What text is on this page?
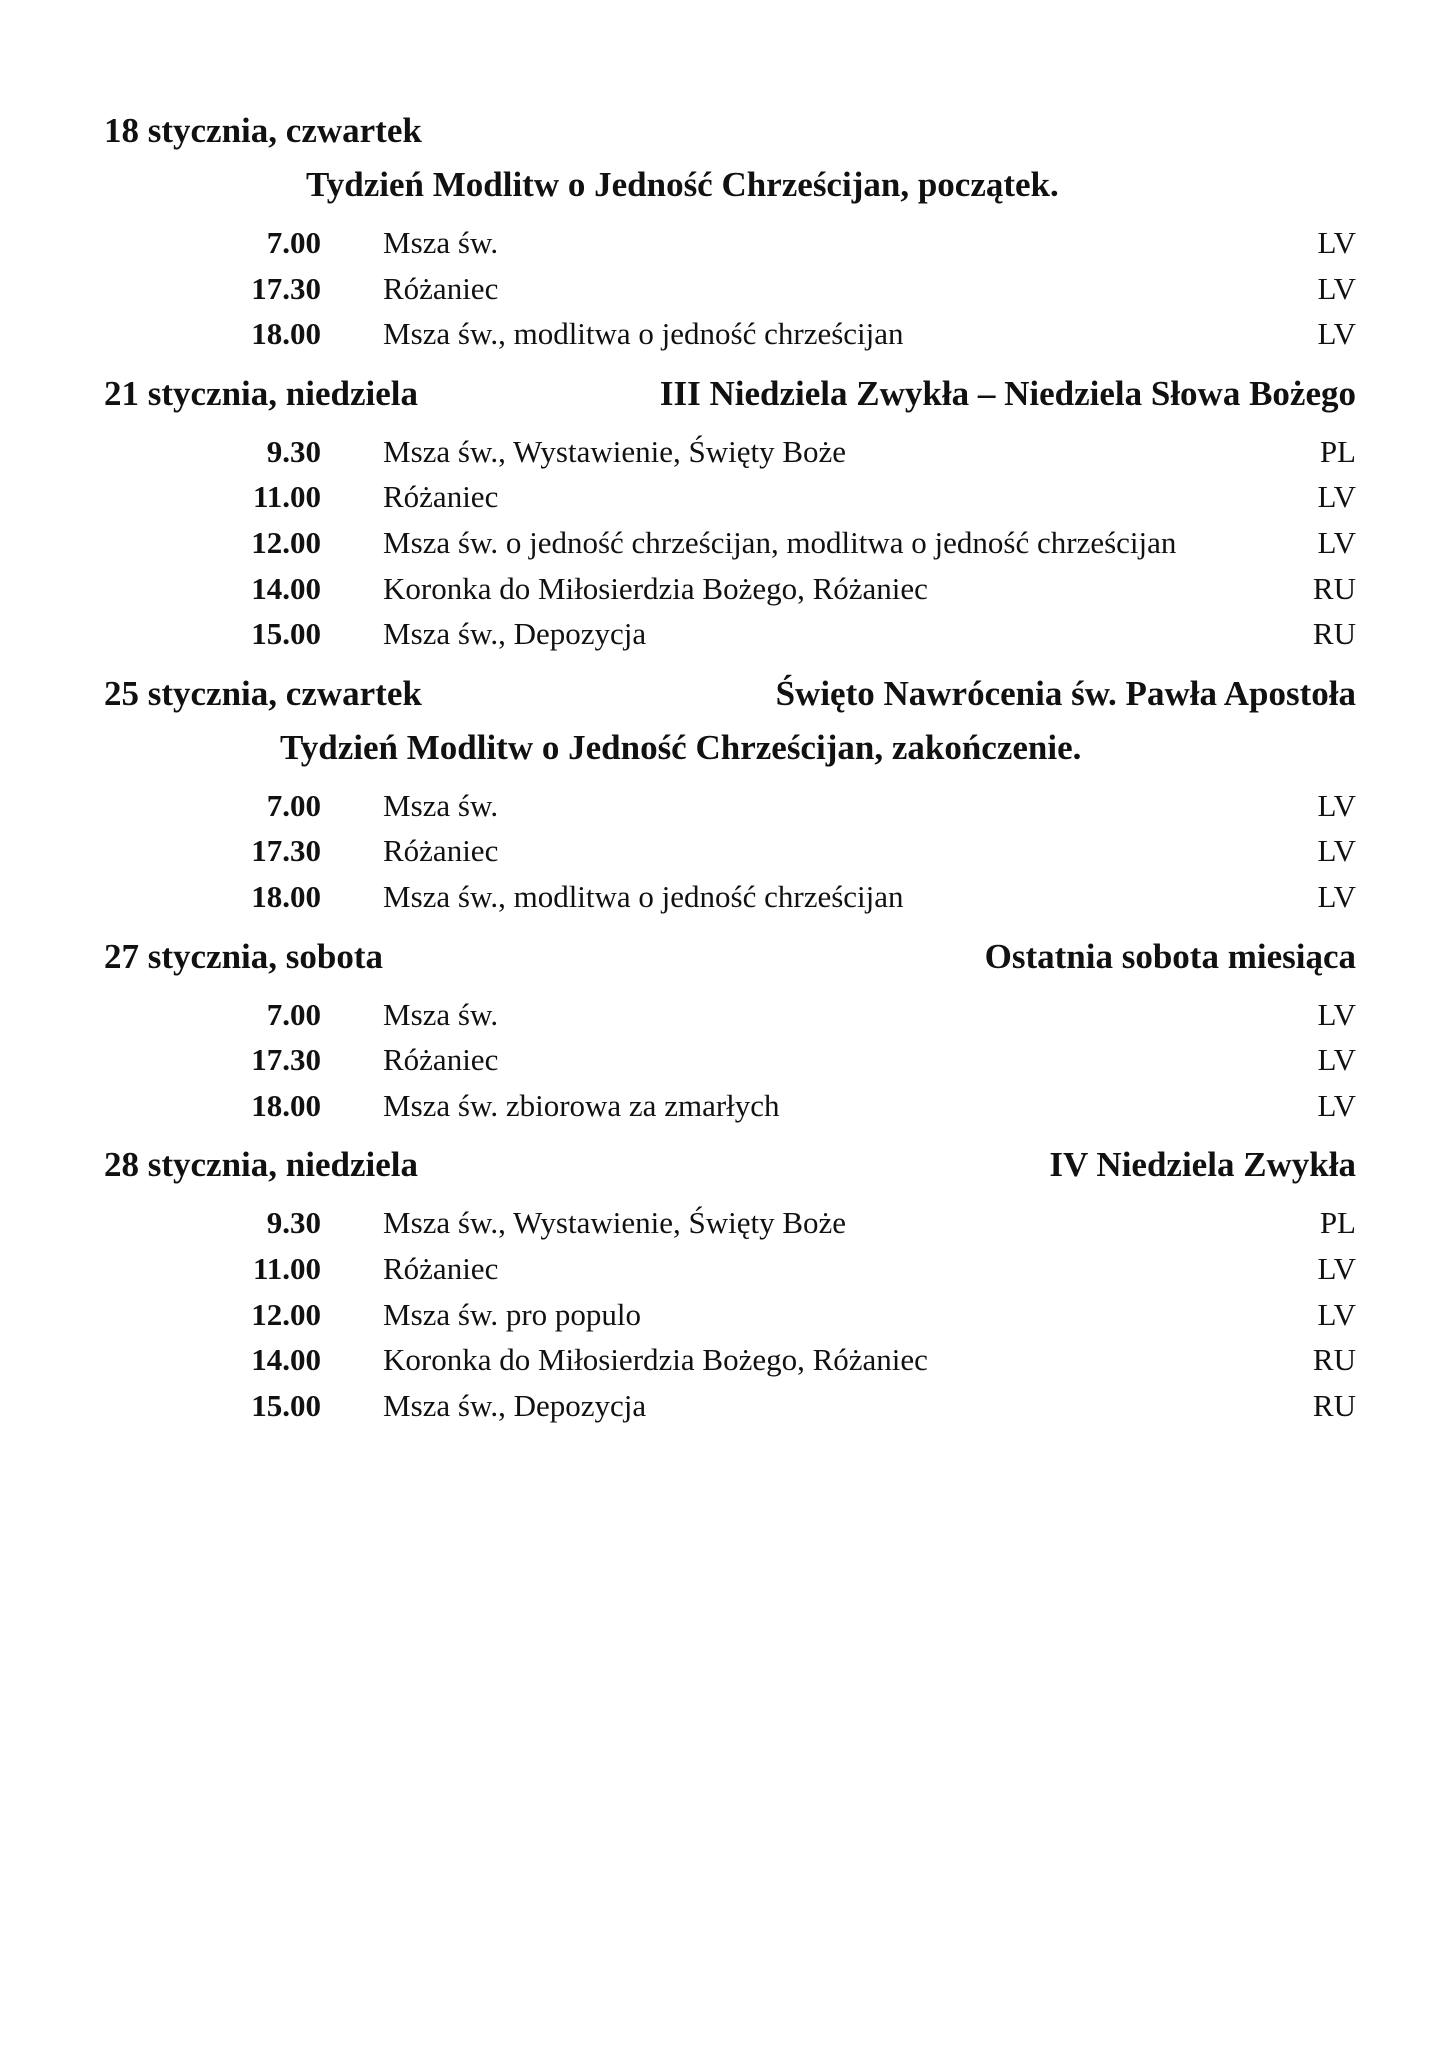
18 stycznia, czwartek
Tydzień Modlitw o Jedność Chrześcijan, początek.
7.00	Msza św.	LV
17.30	Różaniec	LV
18.00	Msza św., modlitwa o jedność chrześcijan	LV
21 stycznia, niedziela	III Niedziela Zwykła – Niedziela Słowa Bożego
9.30	Msza św., Wystawienie, Święty Boże	PL
11.00	Różaniec	LV
12.00	Msza św. o jedność chrześcijan, modlitwa o jedność chrześcijan	LV
14.00	Koronka do Miłosierdzia Bożego, Różaniec	RU
15.00	Msza św., Depozycja	RU
25 stycznia, czwartek	Święto Nawrócenia św. Pawła Apostoła
Tydzień Modlitw o Jedność Chrześcijan, zakończenie.
7.00	Msza św.	LV
17.30	Różaniec	LV
18.00	Msza św., modlitwa o jedność chrześcijan	LV
27 stycznia, sobota	Ostatnia sobota miesiąca
7.00	Msza św.	LV
17.30	Różaniec	LV
18.00	Msza św. zbiorowa za zmarłych	LV
28 stycznia, niedziela	IV Niedziela Zwykła
9.30	Msza św., Wystawienie, Święty Boże	PL
11.00	Różaniec	LV
12.00	Msza św. pro populo	LV
14.00	Koronka do Miłosierdzia Bożego, Różaniec	RU
15.00	Msza św., Depozycja	RU
